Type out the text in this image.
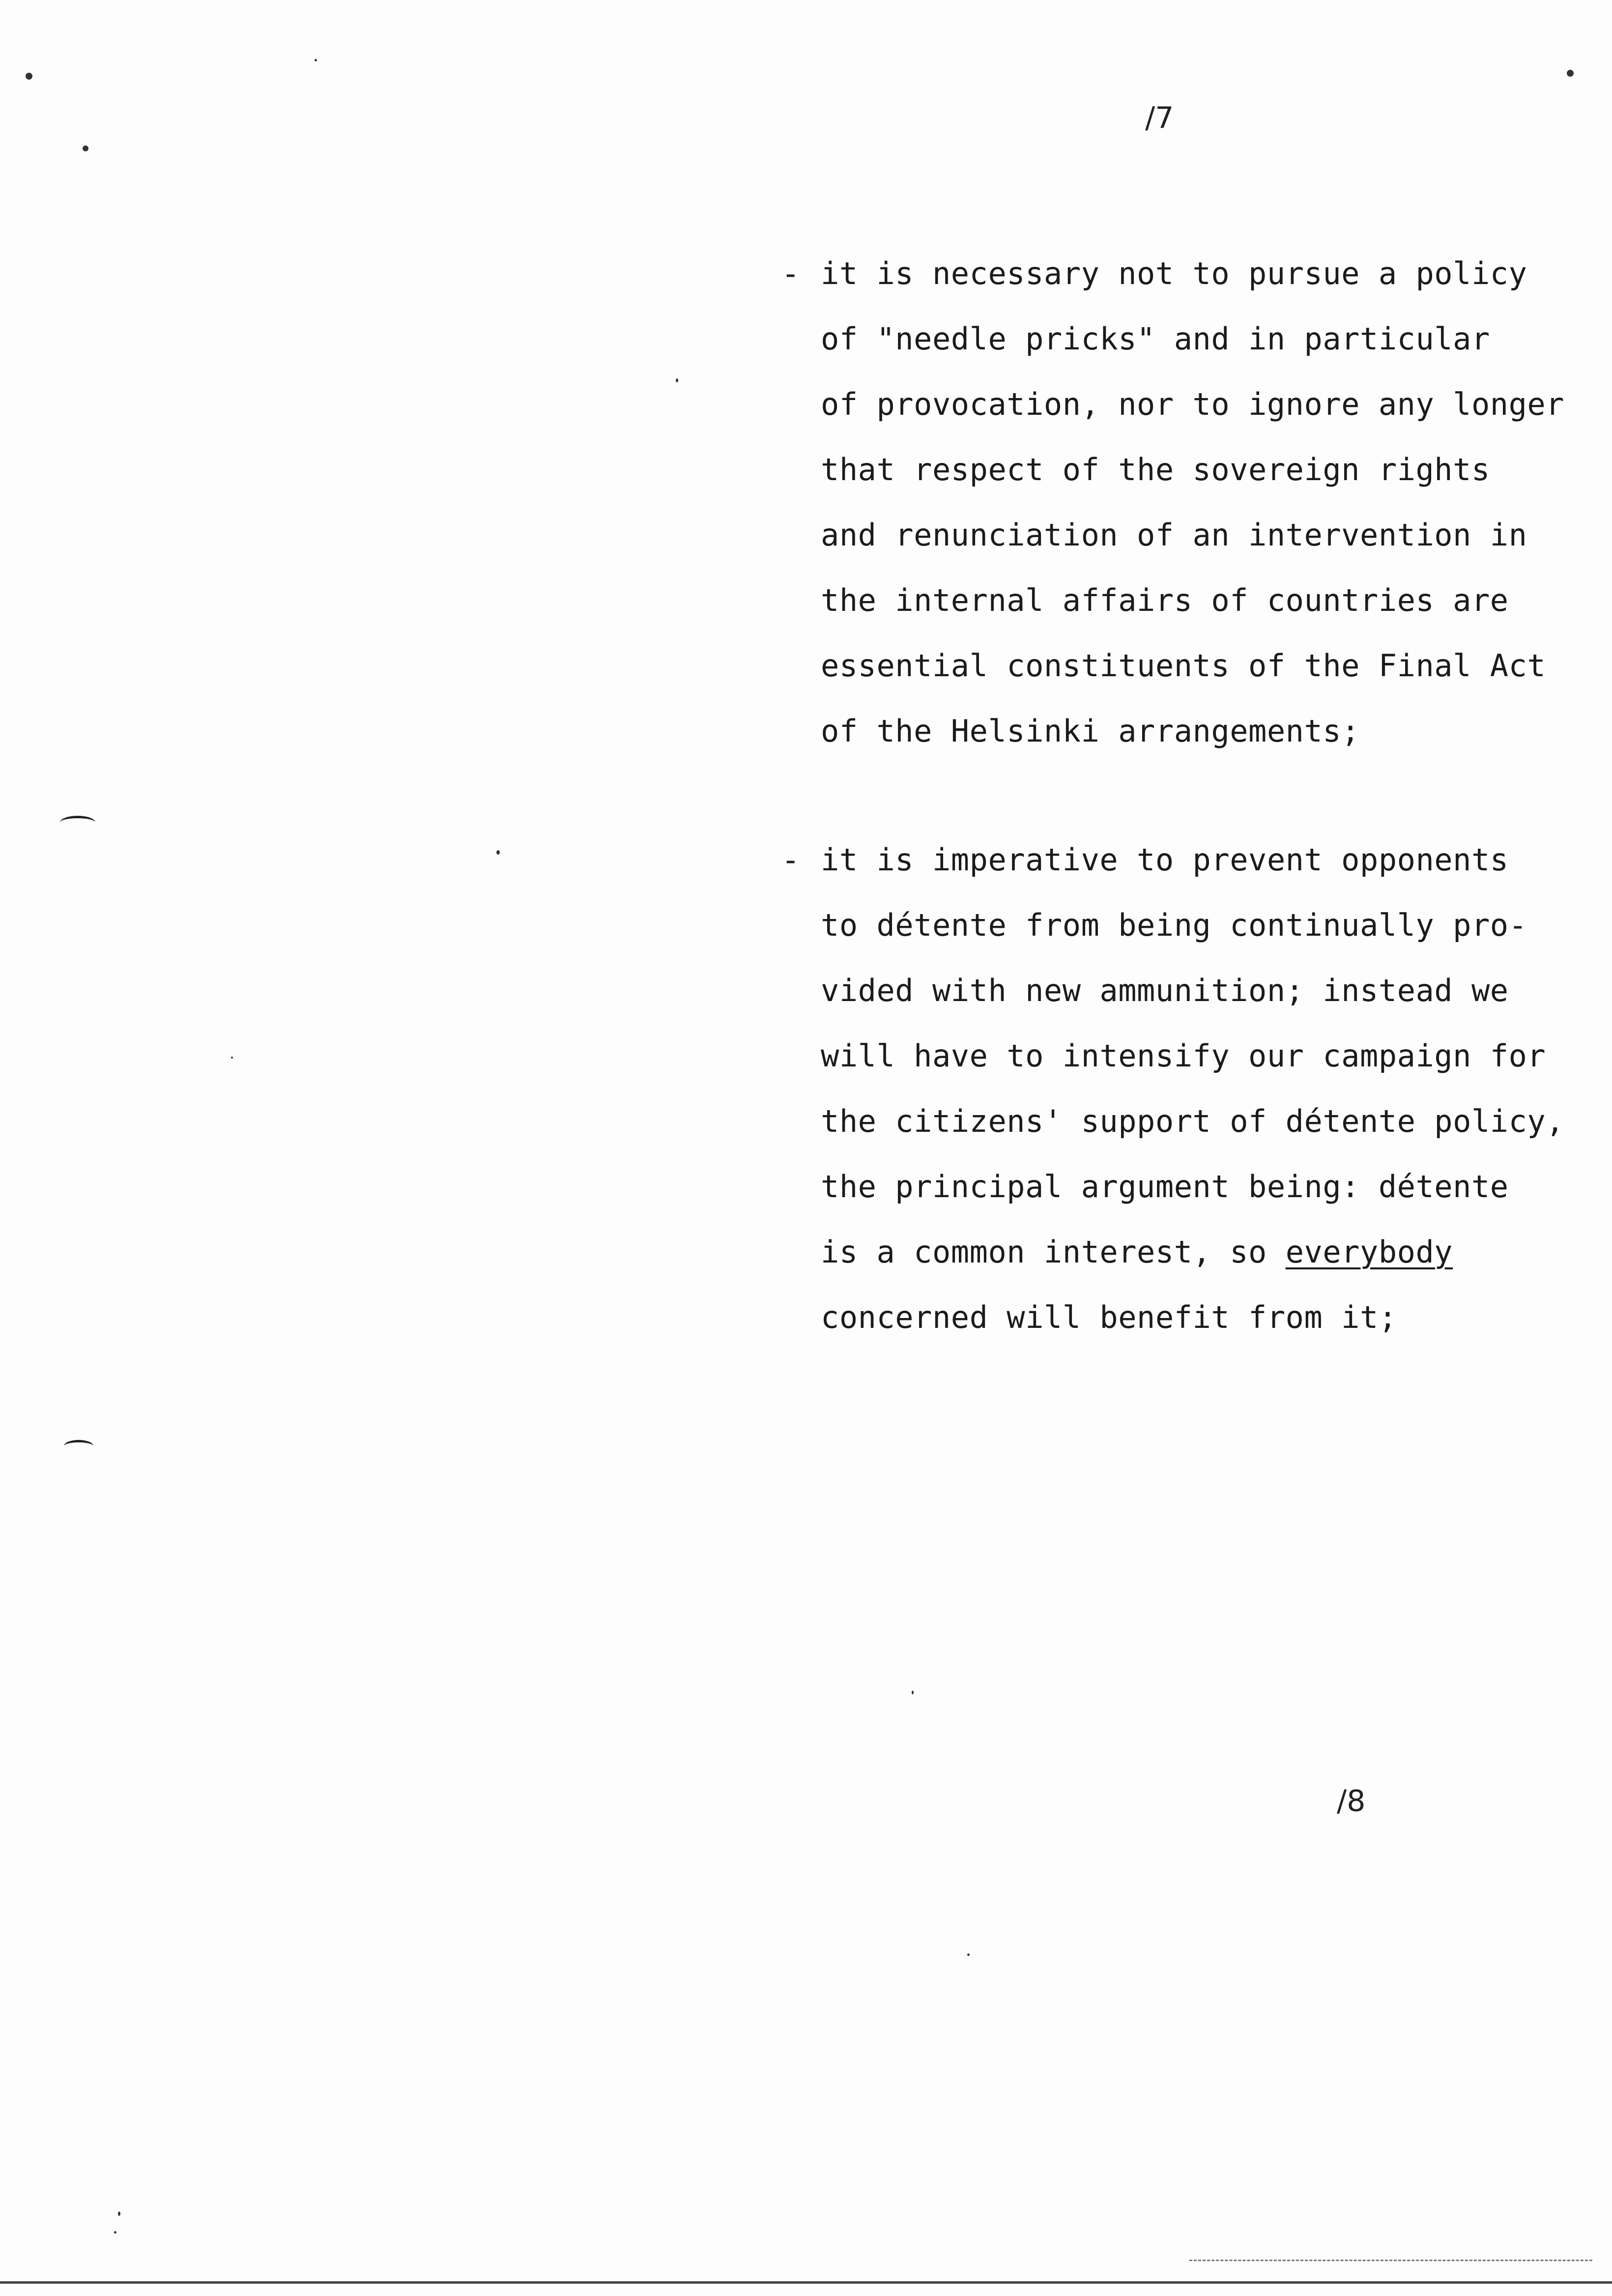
/7
- it is necessary not to pursue a policy
of "needle pricks" and in particular
of provocation, nor to ignore any longer
that respect of the sovereign rights
and renunciation of an intervention in
the internal affairs of countries are
essential constituents of the Final Act
of the Helsinki arrangements;
- it is imperative to prevent opponents
to détente from being continually pro-
vided with new ammunition; instead we
will have to intensify our campaign for
the citizens' support of détente policy,
the principal argument being: détente
is a common interest, so everybody
concerned will benefit from it;
/8
